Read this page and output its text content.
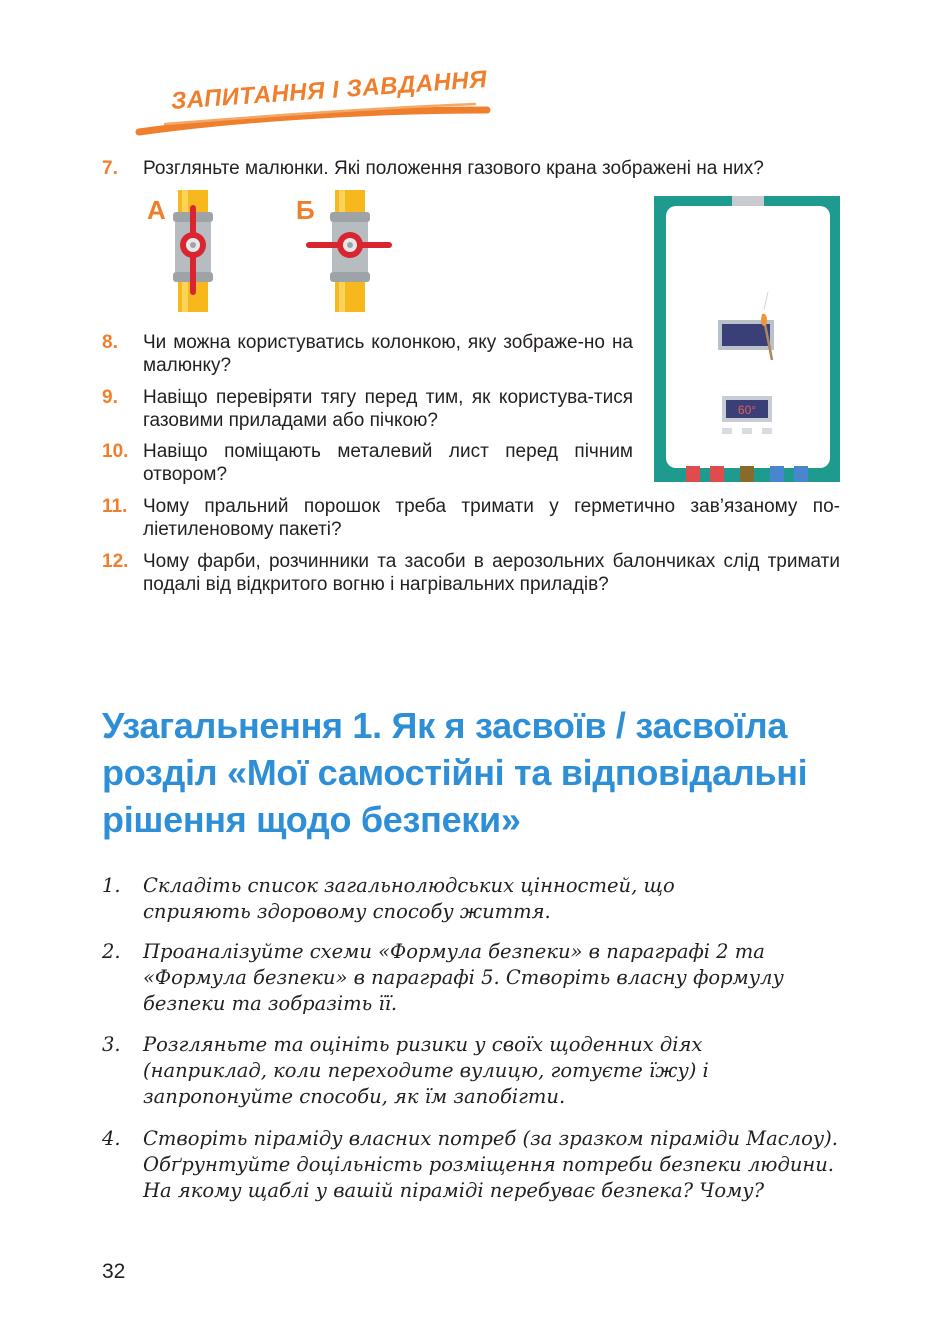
ЗАПИТАННЯ І ЗАВДАННЯ
7.	Розгляньте малюнки. Які положення газового крана зображені на них?
А	Б
60°
8.	Чи можна користуватись колонкою, яку зображе-но на малюнку?
9.	Навіщо перевіряти тягу перед тим, як користува-тися газовими приладами або пічкою?
10. Навіщо поміщають металевий лист перед пічним отвором?
11. Чому пральний порошок треба тримати у герметично зав’язаному по-ліетиленовому пакеті?
12. Чому фарби, розчинники та засоби в аерозольних балончиках слід тримати подалі від відкритого вогню і нагрівальних приладів?
Узагальнення 1. Як я засвоїв / засвоїла розділ «Мої самостійні та відповідальні рішення щодо безпеки»
1. Складіть список загальнолюдських цінностей, що сприяють здоровому способу життя.
2. Проаналізуйте схеми «Формула безпеки» в параграфі 2 та «Формула безпеки» в параграфі 5. Створіть власну формулу безпеки та зобразіть її.
3. Розгляньте та оцініть ризики у своїх щоденних діях (наприклад, коли переходите вулицю, готуєте їжу) і запропонуйте способи, як їм запобігти.
4. Створіть піраміду власних потреб (за зразком піраміди Маслоу). Обґрунтуйте доцільність розміщення потреби безпеки людини. На якому щаблі у вашій піраміді перебуває безпека? Чому?
32
